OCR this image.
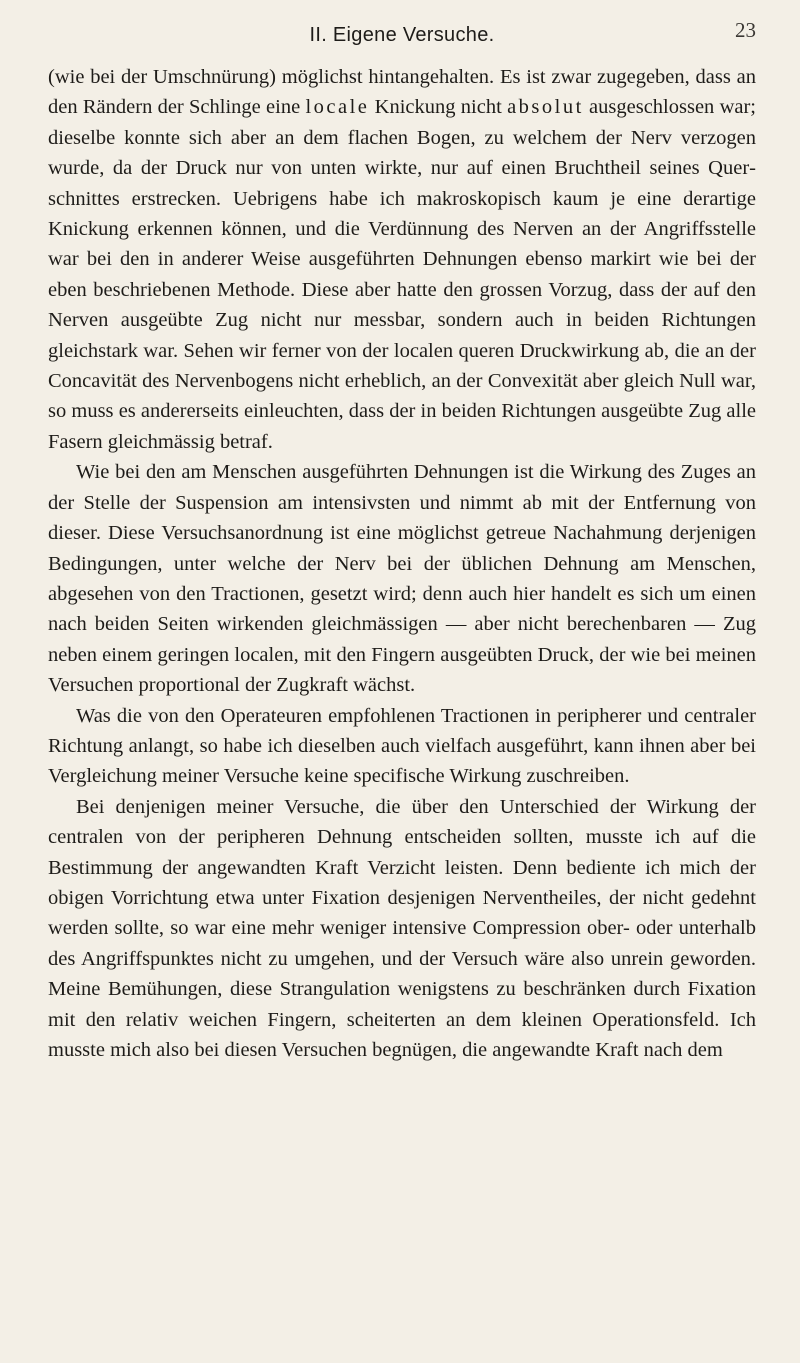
II. Eigene Versuche.	23

(wie bei der Umschnürung) möglichst hintangehalten. Es ist zwar zugegeben, dass an den Rändern der Schlinge eine locale Knickung nicht absolut ausgeschlossen war; dieselbe konnte sich aber an dem flachen Bogen, zu welchem der Nerv verzogen wurde, da der Druck nur von unten wirkte, nur auf einen Bruchtheil seines Querschnittes erstrecken. Uebrigens habe ich makroskopisch kaum je eine derartige Knickung erkennen können, und die Verdünnung des Nerven an der Angriffsstelle war bei den in anderer Weise ausgeführten Dehnungen ebenso markirt wie bei der eben beschriebenen Methode. Diese aber hatte den grossen Vorzug, dass der auf den Nerven ausgeübte Zug nicht nur messbar, sondern auch in beiden Richtungen gleichstark war. Sehen wir ferner von der localen queren Druckwirkung ab, die an der Concavität des Nervenbogens nicht erheblich, an der Convexität aber gleich Null war, so muss es andererseits einleuchten, dass der in beiden Richtungen ausgeübte Zug alle Fasern gleichmässig betraf.

Wie bei den am Menschen ausgeführten Dehnungen ist die Wirkung des Zuges an der Stelle der Suspension am intensivsten und nimmt ab mit der Entfernung von dieser. Diese Versuchsanordnung ist eine möglichst getreue Nachahmung derjenigen Bedingungen, unter welche der Nerv bei der üblichen Dehnung am Menschen, abgesehen von den Tractionen, gesetzt wird; denn auch hier handelt es sich um einen nach beiden Seiten wirkenden gleichmässigen — aber nicht berechenbaren — Zug neben einem geringen localen, mit den Fingern ausgeübten Druck, der wie bei meinen Versuchen proportional der Zugkraft wächst.

Was die von den Operateuren empfohlenen Tractionen in peripherer und centraler Richtung anlangt, so habe ich dieselben auch vielfach ausgeführt, kann ihnen aber bei Vergleichung meiner Versuche keine specifische Wirkung zuschreiben.

Bei denjenigen meiner Versuche, die über den Unterschied der Wirkung der centralen von der peripheren Dehnung entscheiden sollten, musste ich auf die Bestimmung der angewandten Kraft Verzicht leisten. Denn bediente ich mich der obigen Vorrichtung etwa unter Fixation desjenigen Nerventheiles, der nicht gedehnt werden sollte, so war eine mehr weniger intensive Compression ober- oder unterhalb des Angriffspunktes nicht zu umgehen, und der Versuch wäre also unrein geworden. Meine Bemühungen, diese Strangulation wenigstens zu beschränken durch Fixation mit den relativ weichen Fingern, scheiterten an dem kleinen Operationsfeld. Ich musste mich also bei diesen Versuchen begnügen, die angewandte Kraft nach dem
